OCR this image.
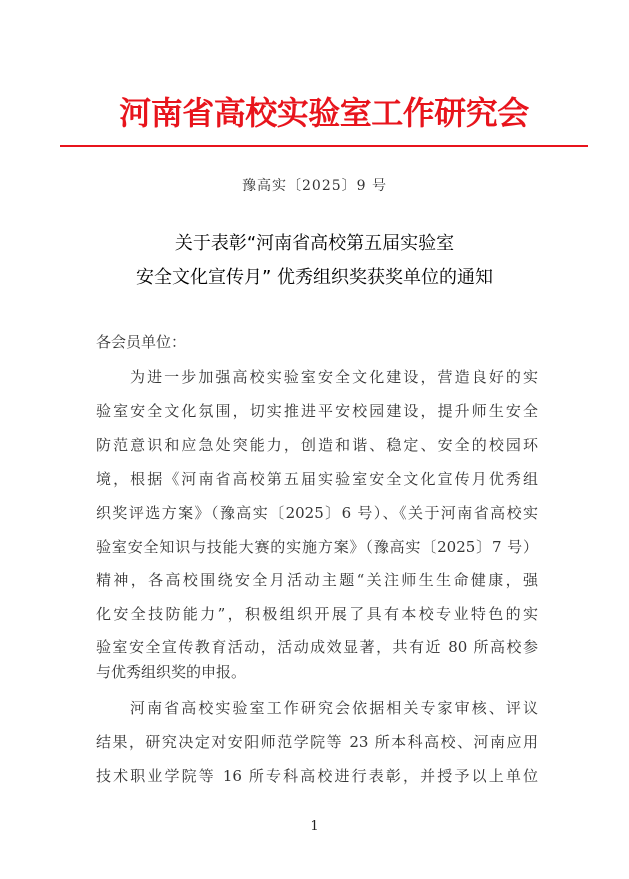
河南省高校实验室工作研究会
豫高实〔2025〕9 号
关于表彰“河南省高校第五届实验室
安全文化宣传月” 优秀组织奖获奖单位的通知
各会员单位：
为进一步加强高校实验室安全文化建设，营造良好的实
验室安全文化氛围，切实推进平安校园建设，提升师生安全
防范意识和应急处突能力，创造和谐、稳定、安全的校园环
境，根据《河南省高校第五届实验室安全文化宣传月优秀组
织奖评选方案》（豫高实〔2025〕6 号）、《关于河南省高校实
验室安全知识与技能大赛的实施方案》（豫高实〔2025〕7 号）
精神，各高校围绕安全月活动主题“关注师生生命健康，强
化安全技防能力”，积极组织开展了具有本校专业特色的实
验室安全宣传教育活动，活动成效显著，共有近 80 所高校参
与优秀组织奖的申报。
河南省高校实验室工作研究会依据相关专家审核、评议
结果，研究决定对安阳师范学院等 23 所本科高校、河南应用
技术职业学院等 16 所专科高校进行表彰，并授予以上单位
1
